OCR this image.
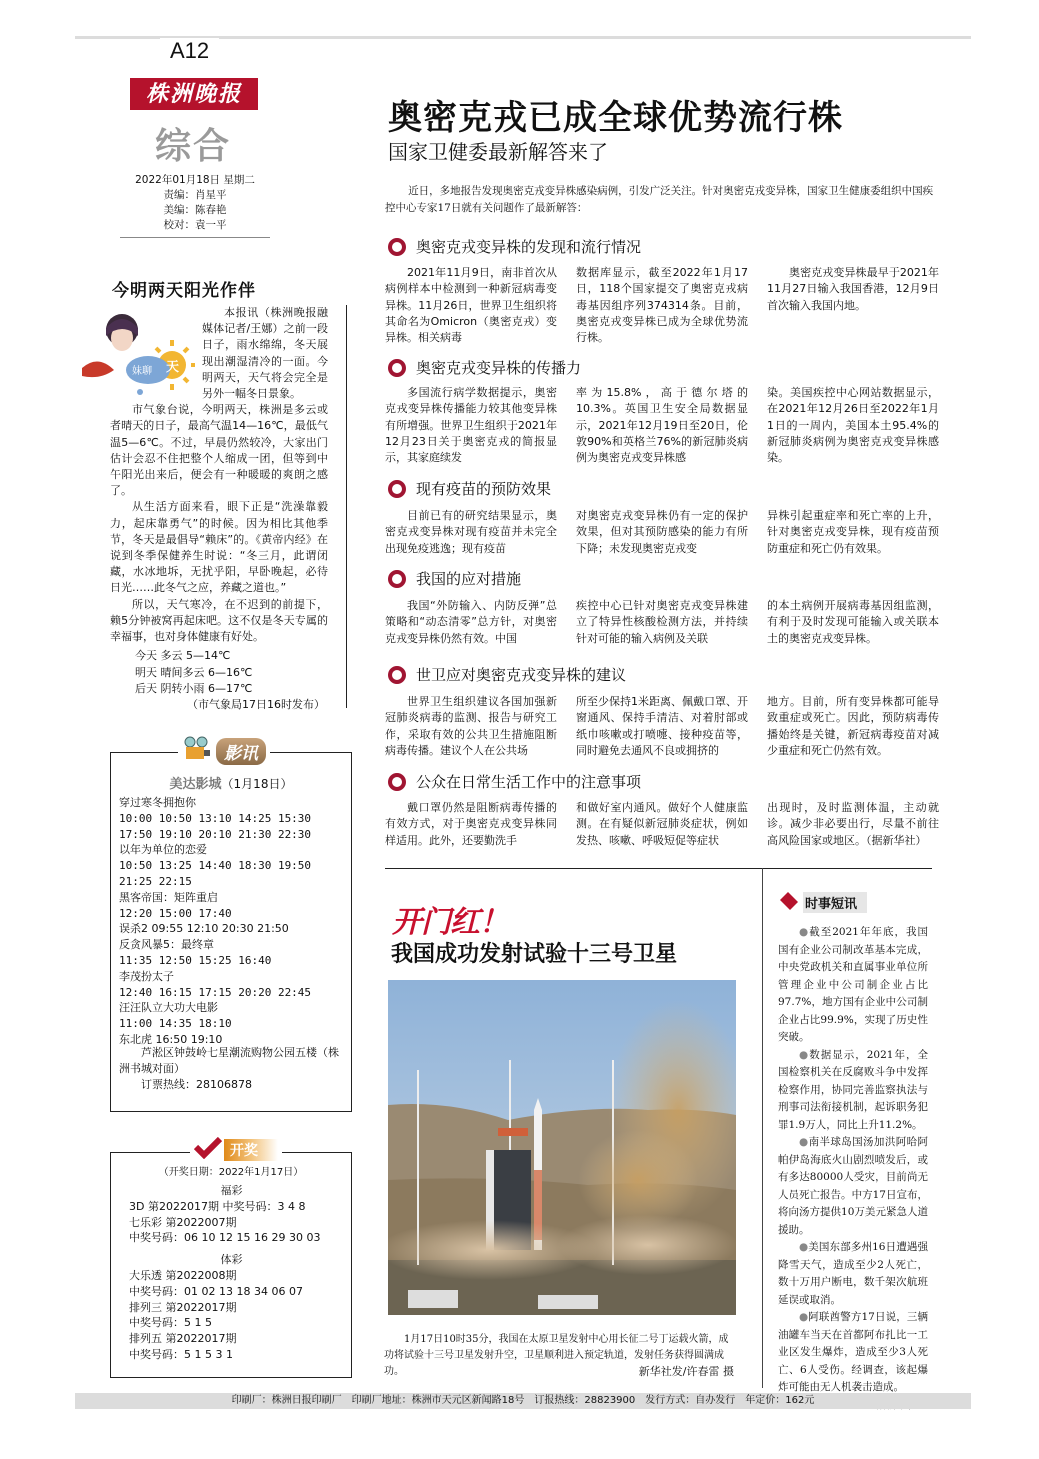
A12
株洲晚报
综合
2022年01月18日 星期二
责编：肖星平
美编：陈春艳
校对：袁一平
今明两天阳光作伴
妹聊 天

本报讯（株洲晚报融媒体记者/王娜）之前一段日子，雨水绵绵，冬天展现出潮湿清冷的一面。今明两天，天气将会完全是另外一幅冬日景象。

市气象台说，今明两天，株洲是多云或者晴天的日子，最高气温14—16℃，最低气温5—6℃。不过，早晨仍然较冷，大家出门估计会忍不住把整个人缩成一团，但等到中午阳光出来后，便会有一种暖暖的爽朗之感了。

从生活方面来看，眼下正是“洗澡靠毅力，起床靠勇气”的时候。因为相比其他季节，冬天是最倡导“赖床”的。《黄帝内经》在说到冬季保健养生时说：“冬三月，此谓闭藏，水冰地坼，无扰乎阳，早卧晚起，必待日光……此冬气之应，养藏之道也。”

所以，天气寒冷，在不迟到的前提下，赖5分钟被窝再起床吧。这不仅是冬天专属的幸福事，也对身体健康有好处。

今天 多云 5—14℃
明天 晴间多云 6—16℃
后天 阴转小雨 6—17℃
（市气象局17日16时发布）
美达影城（1月18日）
穿过寒冬拥抱你
10:00 10:50 13:10 14:25 15:30
17:50 19:10 20:10 21:30 22:30
以年为单位的恋爱
10:50 13:25 14:40 18:30 19:50
21:25 22:15
黑客帝国：矩阵重启
12:20 15:00 17:40
误杀2 09:55 12:10 20:30 21:50
反贪风暴5：最终章
11:35 12:50 15:25 16:40
李茂扮太子
12:40 16:15 17:15 20:20 22:45
汪汪队立大功大电影
11:00 14:35 18:10
东北虎 16:50 19:10

芦淞区钟鼓岭七星潮流购物公园五楼（株洲书城对面）

订票热线：28106878

影讯
（开奖日期：2022年1月17日）
福彩
3D 第2022017期 中奖号码：3 4 8
七乐彩 第2022007期
中奖号码：06 10 12 15 16 29 30 03
体彩
大乐透 第2022008期
中奖号码：01 02 13 18 34 06 07
排列三 第2022017期
中奖号码：5 1 5
排列五 第2022017期
中奖号码：5 1 5 3 1
开奖
奥密克戎已成全球优势流行株
国家卫健委最新解答来了
近日，多地报告发现奥密克戎变异株感染病例，引发广泛关注。针对奥密克戎变异株，国家卫生健康委组织中国疾控中心专家17日就有关问题作了最新解答：
奥密克戎变异株的发现和流行情况

2021年11月9日，南非首次从病例样本中检测到一种新冠病毒变异株。11月26日，世界卫生组织将其命名为Omicron（奥密克戎）变异株。相关病毒

数据库显示，截至2022年1月17日，118个国家提交了奥密克戎病毒基因组序列374314条。目前，奥密克戎变异株已成为全球优势流行株。

奥密克戎变异株最早于2021年11月27日输入我国香港，12月9日首次输入我国内地。

奥密克戎变异株的传播力

多国流行病学数据提示，奥密克戎变异株传播能力较其他变异株有所增强。世界卫生组织于2021年12月23日关于奥密克戎的简报显示，其家庭续发

率为15.8%，高于德尔塔的10.3%。英国卫生安全局数据显示，2021年12月19日至20日，伦敦90%和英格兰76%的新冠肺炎病例为奥密克戎变异株感

染。美国疾控中心网站数据显示，在2021年12月26日至2022年1月1日的一周内，美国本土95.4%的新冠肺炎病例为奥密克戎变异株感染。

现有疫苗的预防效果

目前已有的研究结果显示，奥密克戎变异株对现有疫苗并未完全出现免疫逃逸；现有疫苗

对奥密克戎变异株仍有一定的保护效果，但对其预防感染的能力有所下降；未发现奥密克戎变

异株引起重症率和死亡率的上升，针对奥密克戎变异株，现有疫苗预防重症和死亡仍有效果。

我国的应对措施

我国“外防输入、内防反弹”总策略和“动态清零”总方针，对奥密克戎变异株仍然有效。中国

疾控中心已针对奥密克戎变异株建立了特异性核酸检测方法，并持续针对可能的输入病例及关联

的本土病例开展病毒基因组监测，有利于及时发现可能输入或关联本土的奥密克戎变异株。

世卫应对奥密克戎变异株的建议

世界卫生组织建议各国加强新冠肺炎病毒的监测、报告与研究工作，采取有效的公共卫生措施阻断病毒传播。建议个人在公共场

所至少保持1米距离、佩戴口罩、开窗通风、保持手清洁、对着肘部或纸巾咳嗽或打喷嚏、接种疫苗等，同时避免去通风不良或拥挤的

地方。目前，所有变异株都可能导致重症或死亡。因此，预防病毒传播始终是关键，新冠病毒疫苗对减少重症和死亡仍然有效。

公众在日常生活工作中的注意事项

戴口罩仍然是阻断病毒传播的有效方式，对于奥密克戎变异株同样适用。此外，还要勤洗手

和做好室内通风。做好个人健康监测。在有疑似新冠肺炎症状，例如发热、咳嗽、呼吸短促等症状

出现时，及时监测体温，主动就诊。减少非必要出行，尽量不前往高风险国家或地区。（据新华社）

开门红！
我国成功发射试验十三号卫星
1月17日10时35分，我国在太原卫星发射中心用长征二号丁运载火箭，成功将试验十三号卫星发射升空，卫星顺利进入预定轨道，发射任务获得圆满成功。	新华社发/许春雷 摄
时事短讯

●截至2021年年底，我国国有企业公司制改革基本完成，中央党政机关和直属事业单位所管理企业中公司制企业占比97.7%，地方国有企业中公司制企业占比99.9%，实现了历史性突破。

●数据显示，2021年，全国检察机关在反腐败斗争中发挥检察作用，协同完善监察执法与刑事司法衔接机制，起诉职务犯罪1.9万人，同比上升11.2%。

●南半球岛国汤加洪阿哈阿帕伊岛海底火山剧烈喷发后，或有多达80000人受灾，目前尚无人员死亡报告。中方17日宣布，将向汤方提供10万美元紧急人道援助。

●美国东部多州16日遭遇强降雪天气，造成至少2人死亡，数十万用户断电，数千架次航班延误或取消。

●阿联酋警方17日说，三辆油罐车当天在首都阿布扎比一工业区发生爆炸，造成至少3人死亡、6人受伤。经调查，该起爆炸可能由无人机袭击造成。

印刷厂：株洲日报印刷厂　印刷厂地址：株洲市天元区新闻路18号　订报热线：28823900　发行方式：自办发行　年定价：162元
